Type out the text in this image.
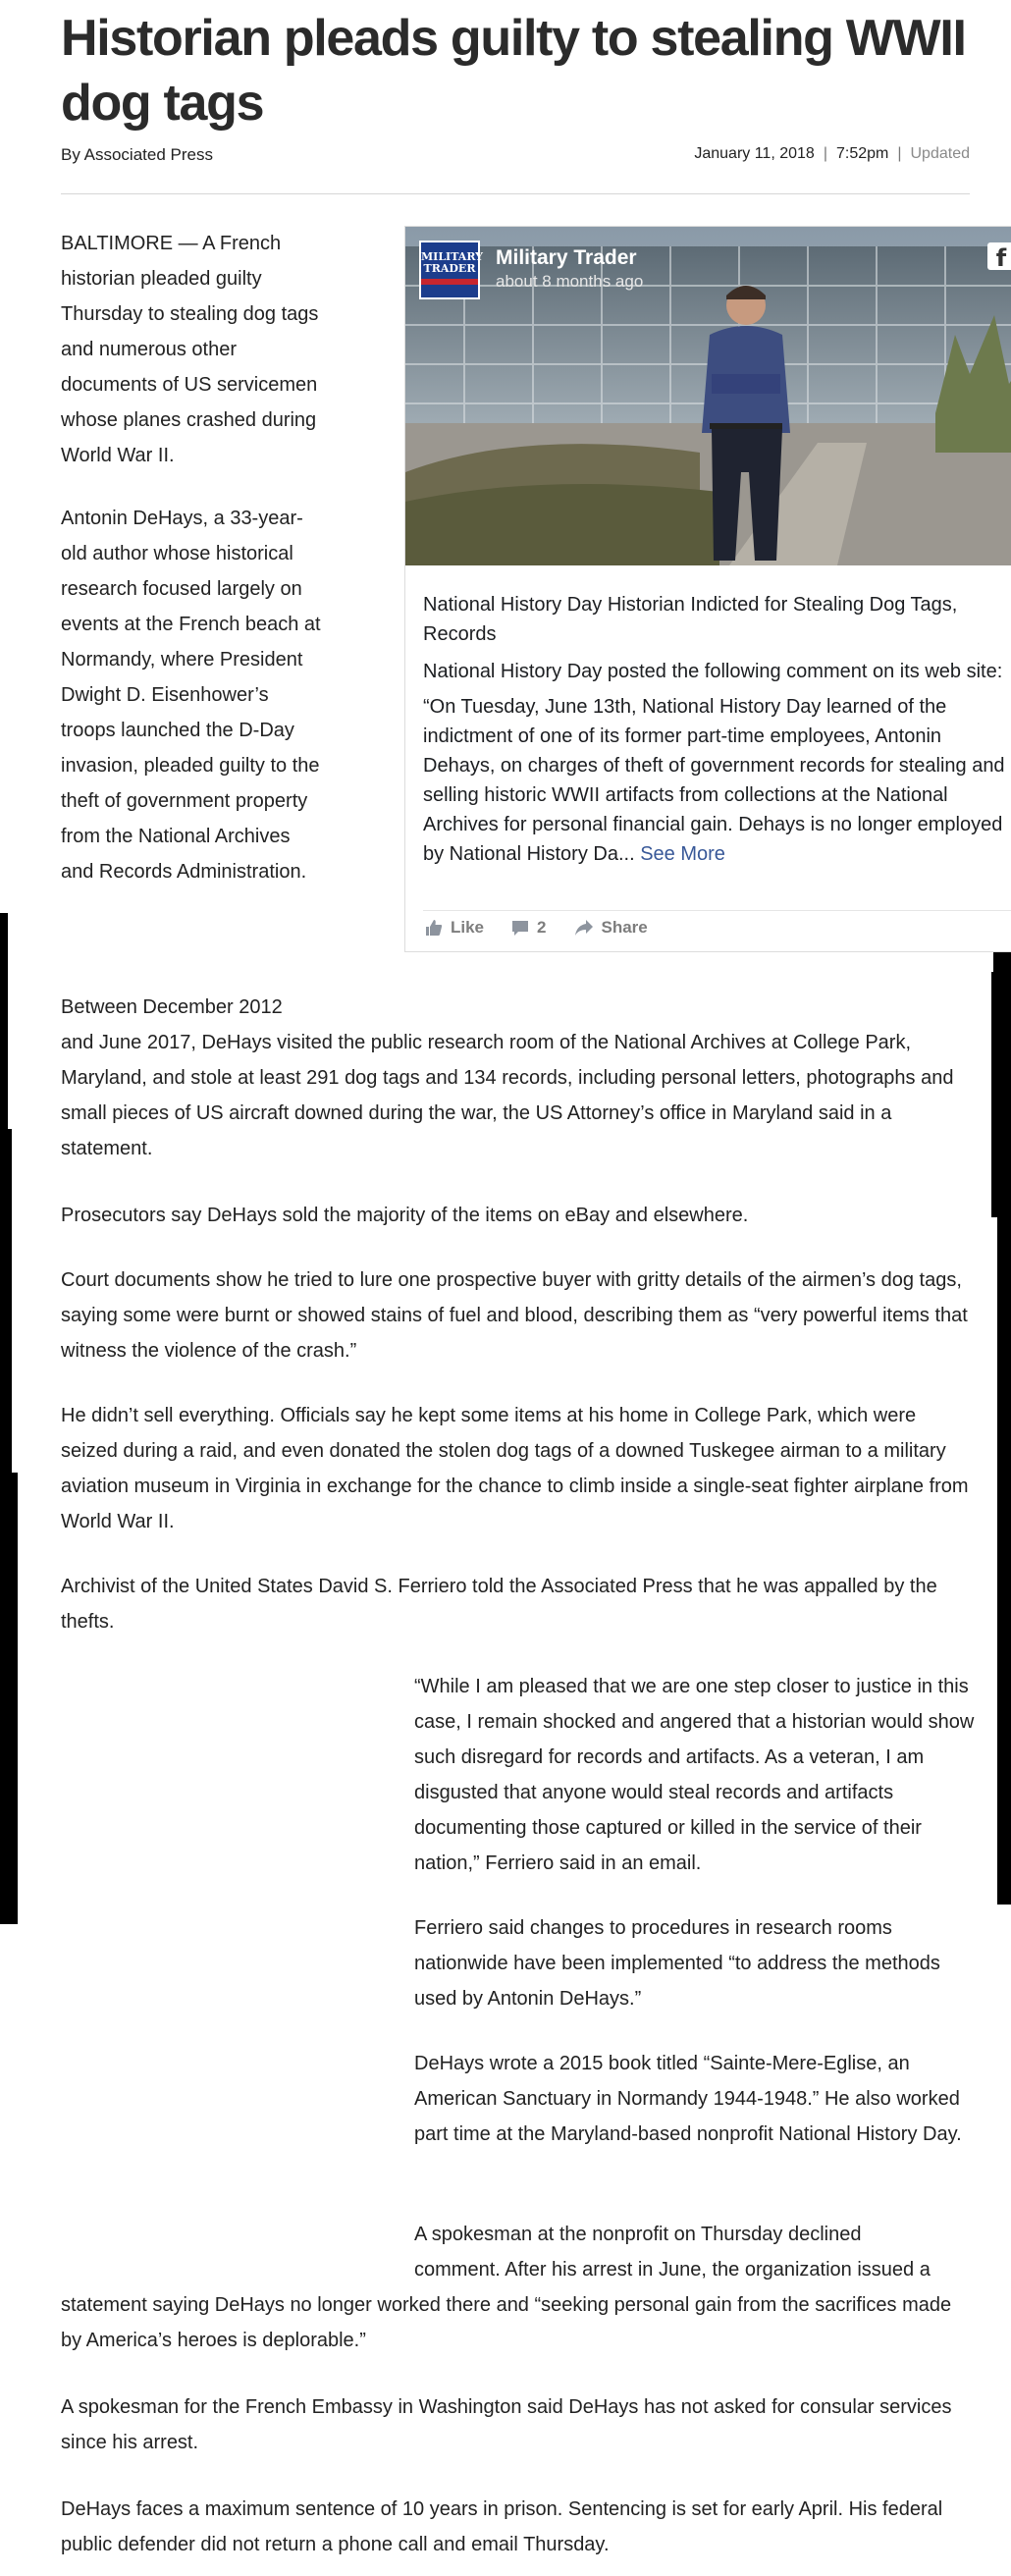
Historian pleads guilty to stealing WWII dog tags
By Associated Press	January 11, 2018 | 7:52pm | Updated

BALTIMORE — A French historian pleaded guilty Thursday to stealing dog tags and numerous other documents of US servicemen whose planes crashed during World War II.

Antonin DeHays, a 33-year-old author whose historical research focused largely on events at the French beach at Normandy, where President Dwight D. Eisenhower’s troops launched the D-Day invasion, pleaded guilty to the theft of government property from the National Archives and Records Administration.

Between December 2012

and June 2017, DeHays visited the public research room of the National Archives at College Park, Maryland, and stole at least 291 dog tags and 134 records, including personal letters, photographs and small pieces of US aircraft downed during the war, the US Attorney’s office in Maryland said in a statement.

Prosecutors say DeHays sold the majority of the items on eBay and elsewhere.

Court documents show he tried to lure one prospective buyer with gritty details of the airmen’s dog tags, saying some were burnt or showed stains of fuel and blood, describing them as “very powerful items that witness the violence of the crash.”

He didn’t sell everything. Officials say he kept some items at his home in College Park, which were seized during a raid, and even donated the stolen dog tags of a downed Tuskegee airman to a military aviation museum in Virginia in exchange for the chance to climb inside a single-seat fighter airplane from World War II.

Archivist of the United States David S. Ferriero told the Associated Press that he was appalled by the thefts.

“While I am pleased that we are one step closer to justice in this case, I remain shocked and angered that a historian would show such disregard for records and artifacts. As a veteran, I am disgusted that anyone would steal records and artifacts documenting those captured or killed in the service of their nation,” Ferriero said in an email.

Ferriero said changes to procedures in research rooms nationwide have been implemented “to address the methods used by Antonin DeHays.”

DeHays wrote a 2015 book titled “Sainte-Mere-Eglise, an American Sanctuary in Normandy 1944-1948.” He also worked part time at the Maryland-based nonprofit National History Day.

A spokesman at the nonprofit on Thursday declined

comment. After his arrest in June, the organization issued a

statement saying DeHays no longer worked there and “seeking personal gain from the sacrifices made by America’s heroes is deplorable.”

A spokesman for the French Embassy in Washington said DeHays has not asked for consular services since his arrest.

DeHays faces a maximum sentence of 10 years in prison. Sentencing is set for early April. His federal public defender did not return a phone call and email Thursday.

MILITARY TRADER Military Trader
about 8 months ago
f

National History Day Historian Indicted for Stealing Dog Tags, Records

National History Day posted the following comment on its web site:

“On Tuesday, June 13th, National History Day learned of the indictment of one of its former part-time employees, Antonin Dehays, on charges of theft of government records for stealing and selling historic WWII artifacts from collections at the National Archives for personal financial gain. Dehays is no longer employed by National History Da... See More

Like	2	Share
